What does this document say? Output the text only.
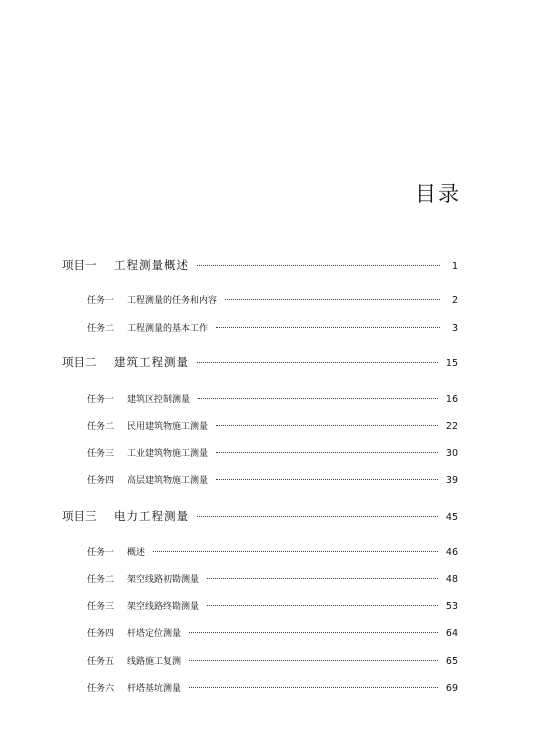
目录
项目一	工程测量概述	1
任务一	工程测量的任务和内容	2
任务二	工程测量的基本工作	3
项目二	建筑工程测量	15
任务一	建筑区控制测量	16
任务二	民用建筑物施工测量	22
任务三	工业建筑物施工测量	30
任务四	高层建筑物施工测量	39
项目三	电力工程测量	45
任务一	概述	46
任务二	架空线路初勘测量	48
任务三	架空线路终勘测量	53
任务四	杆塔定位测量	64
任务五	线路施工复测	65
任务六	杆塔基坑测量	69
